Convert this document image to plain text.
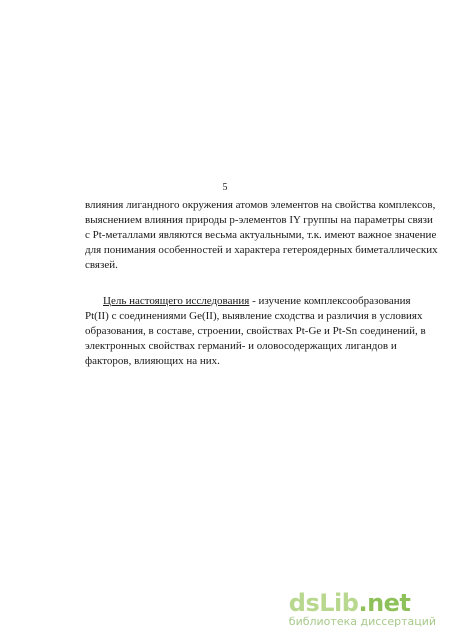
5
влияния лигандного окружения атомов элементов на свойства комплексов,
выяснением влияния природы р-элементов IY группы на параметры связи
с Pt-металлами являются весьма актуальными, т.к. имеют важное значение
для понимания особенностей и характера гетероядерных биметаллических
связей.
Цель настоящего исследования - изучение комплексообразования
Pt(II) с соединениями Ge(II), выявление сходства и различия в условиях
образования, в составе, строении, свойствах Pt-Ge и Pt-Sn соединений, в
электронных свойствах германий- и оловосодержащих лигандов и
факторов, влияющих на них.
dsLib.net
библиотека диссертаций
